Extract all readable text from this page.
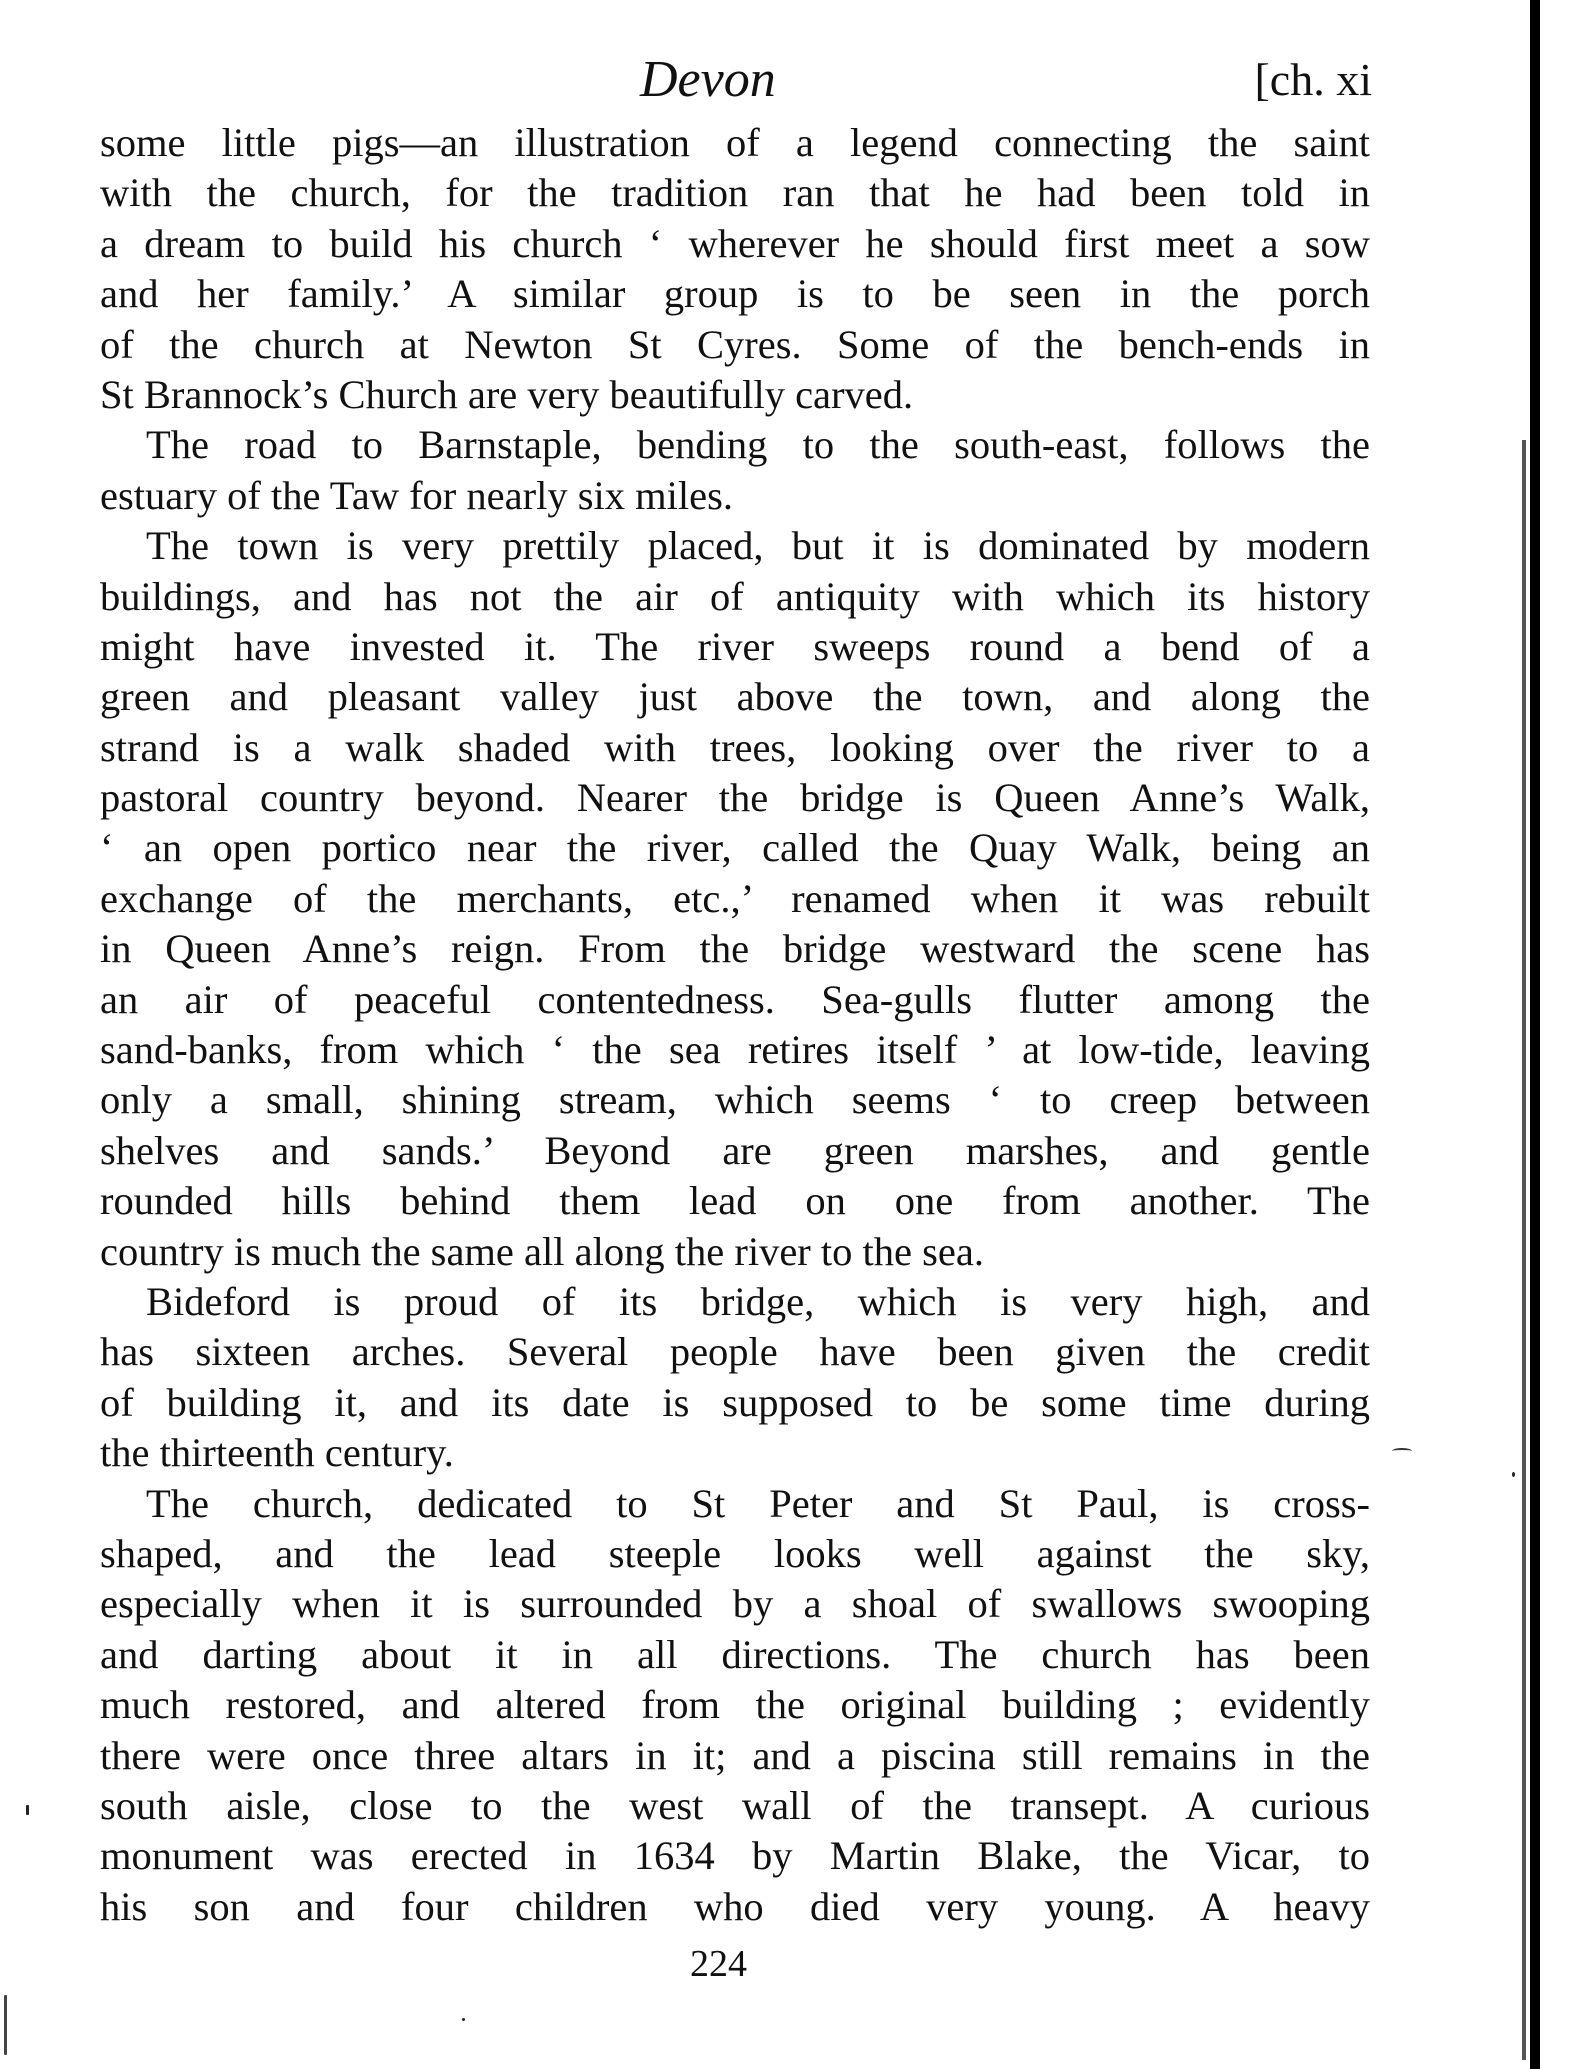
Devon	[ch. xi
some little pigs—an illustration of a legend connecting the saint
with the church, for the tradition ran that he had been told in
a dream to build his church ‘ wherever he should first meet a sow
and her family.’ A similar group is to be seen in the porch
of the church at Newton St Cyres. Some of the bench-ends in
St Brannock’s Church are very beautifully carved.
The road to Barnstaple, bending to the south-east, follows the
estuary of the Taw for nearly six miles.
The town is very prettily placed, but it is dominated by modern
buildings, and has not the air of antiquity with which its history
might have invested it. The river sweeps round a bend of a
green and pleasant valley just above the town, and along the
strand is a walk shaded with trees, looking over the river to a
pastoral country beyond. Nearer the bridge is Queen Anne’s Walk,
‘ an open portico near the river, called the Quay Walk, being an
exchange of the merchants, etc.,’ renamed when it was rebuilt
in Queen Anne’s reign. From the bridge westward the scene has
an air of peaceful contentedness. Sea-gulls flutter among the
sand-banks, from which ‘ the sea retires itself ’ at low-tide, leaving
only a small, shining stream, which seems ‘ to creep between
shelves and sands.’ Beyond are green marshes, and gentle
rounded hills behind them lead on one from another. The
country is much the same all along the river to the sea.
Bideford is proud of its bridge, which is very high, and
has sixteen arches. Several people have been given the credit
of building it, and its date is supposed to be some time during
the thirteenth century.
The church, dedicated to St Peter and St Paul, is cross-
shaped, and the lead steeple looks well against the sky,
especially when it is surrounded by a shoal of swallows swooping
and darting about it in all directions. The church has been
much restored, and altered from the original building ; evidently
there were once three altars in it; and a piscina still remains in the
south aisle, close to the west wall of the transept. A curious
monument was erected in 1634 by Martin Blake, the Vicar, to
his son and four children who died very young. A heavy
224
